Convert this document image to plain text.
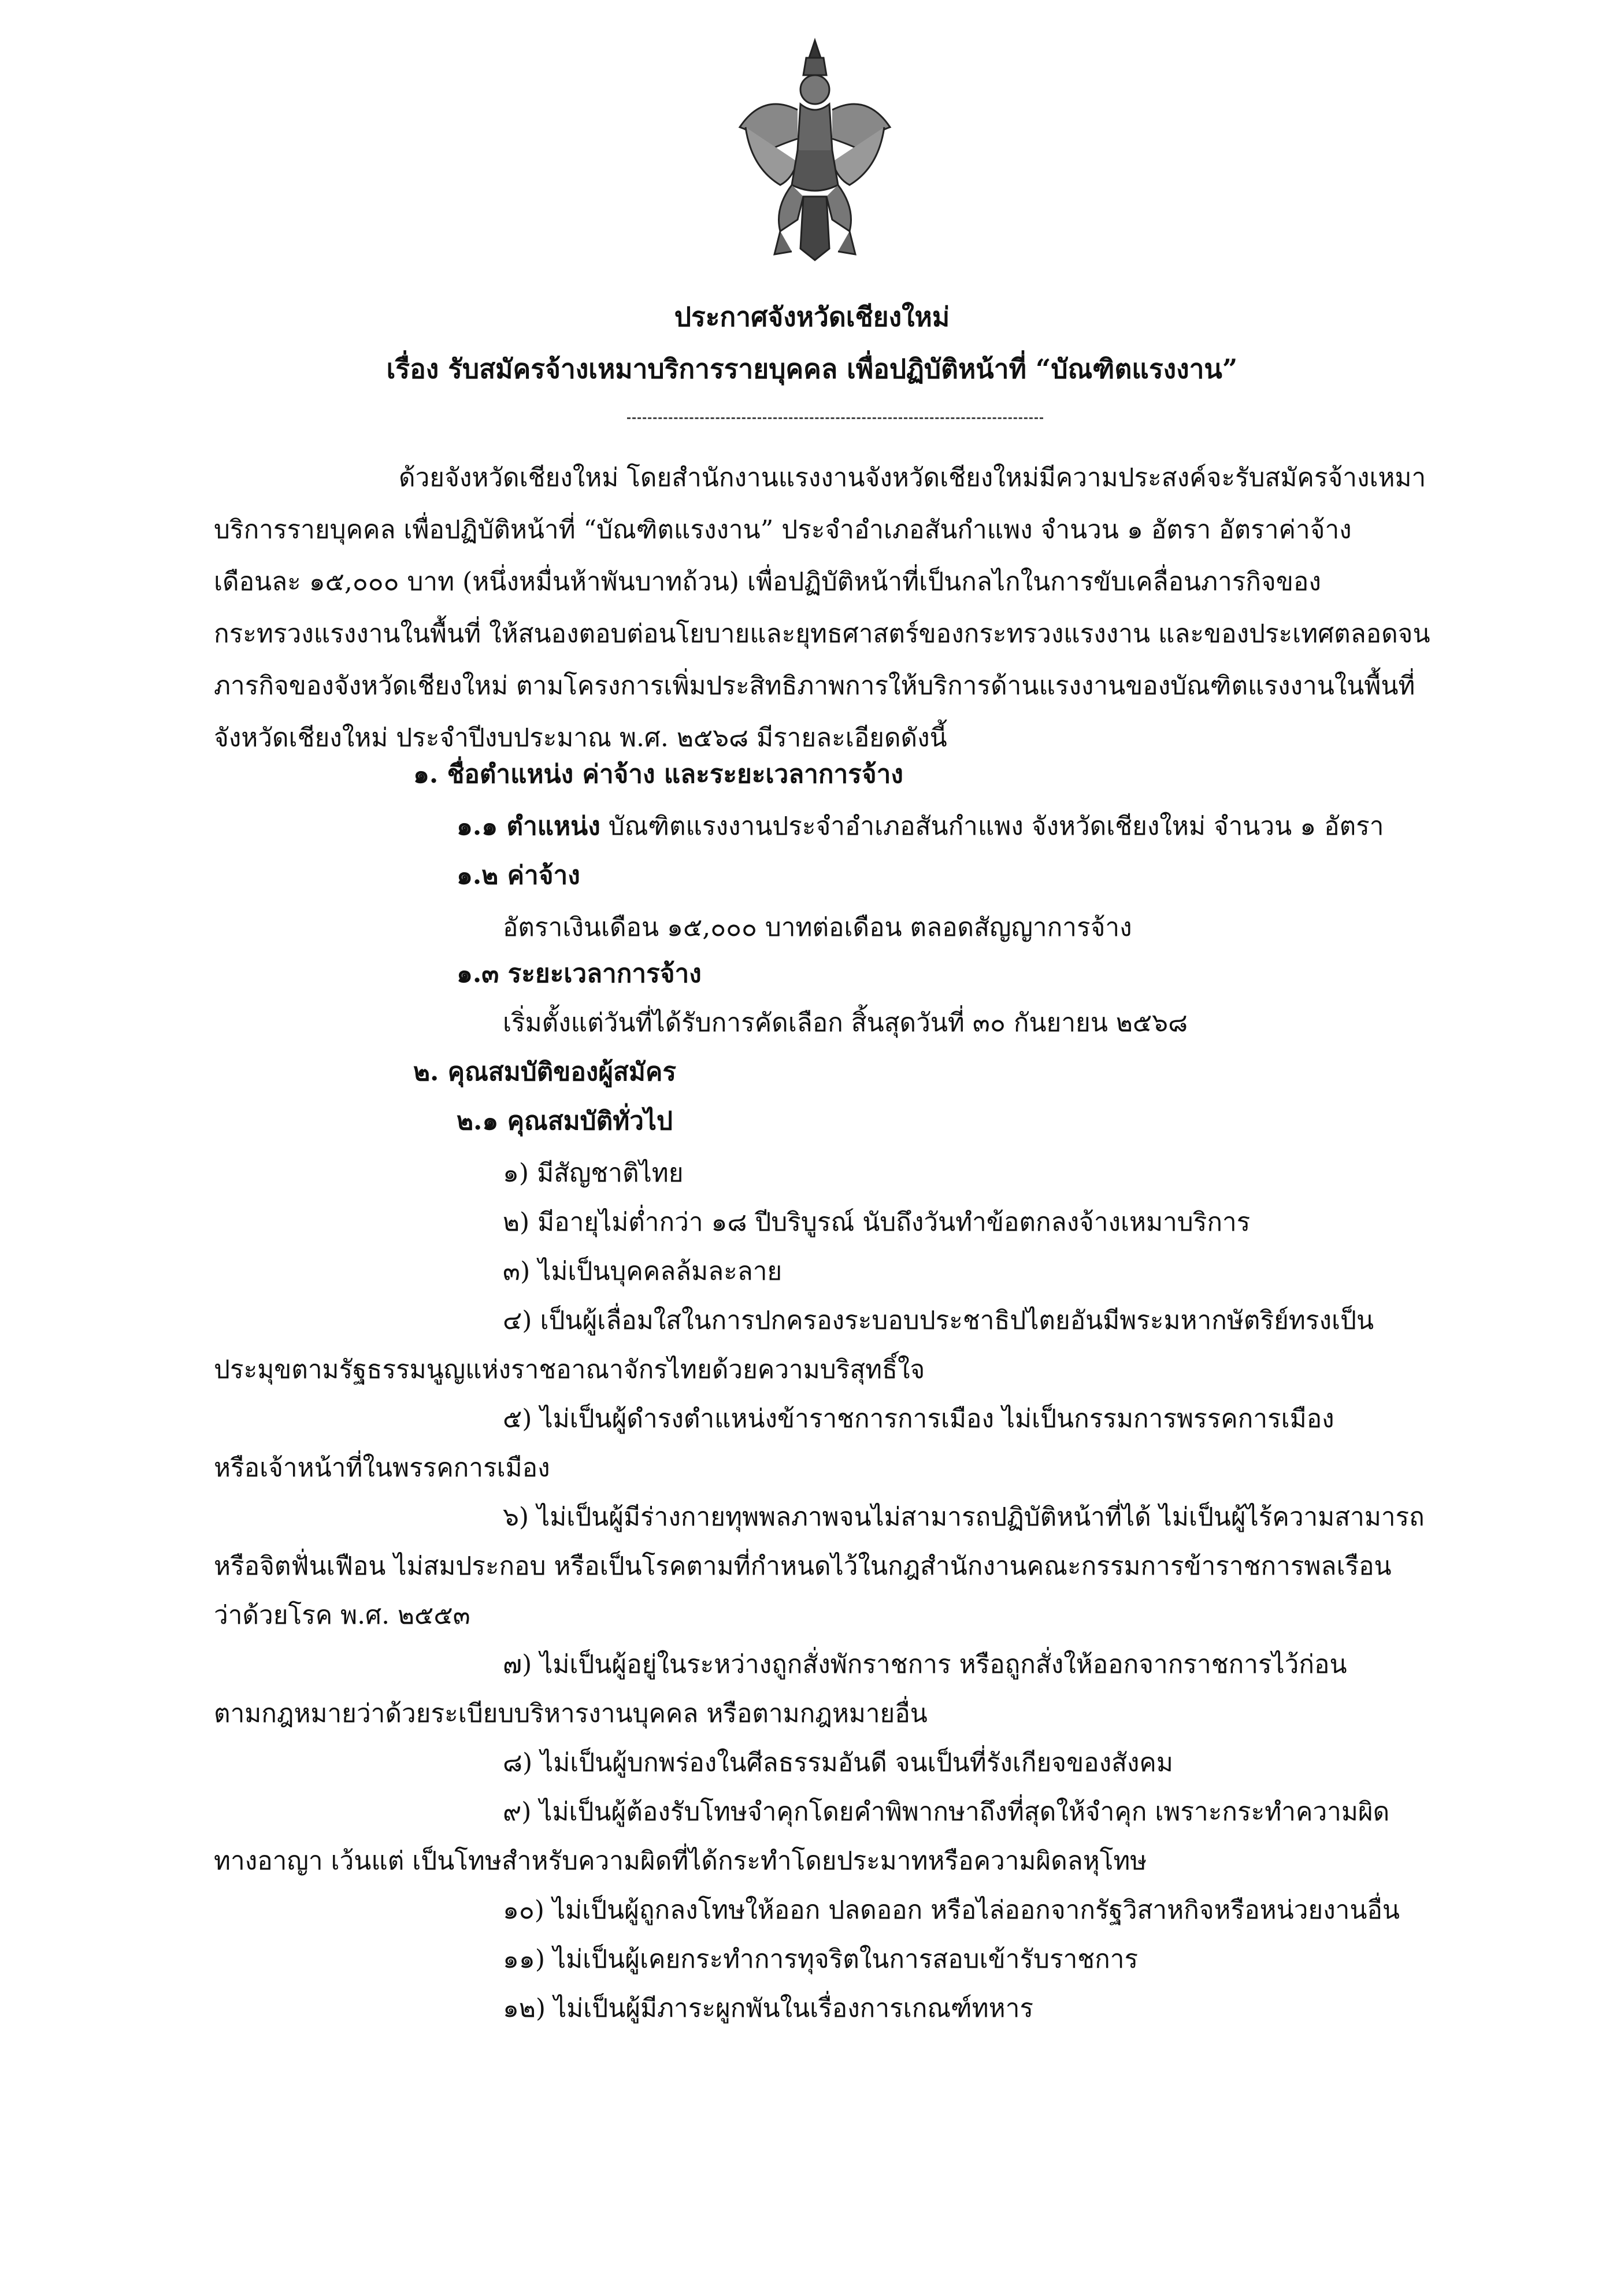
ประกาศจังหวัดเชียงใหม่
เรื่อง รับสมัครจ้างเหมาบริการรายบุคคล เพื่อปฏิบัติหน้าที่ “บัณฑิตแรงงาน”
ด้วยจังหวัดเชียงใหม่ โดยสำนักงานแรงงานจังหวัดเชียงใหม่มีความประสงค์จะรับสมัครจ้างเหมา
บริการรายบุคคล เพื่อปฏิบัติหน้าที่ “บัณฑิตแรงงาน” ประจำอำเภอสันกำแพง จำนวน ๑ อัตรา อัตราค่าจ้าง
เดือนละ ๑๕,๐๐๐ บาท (หนึ่งหมื่นห้าพันบาทถ้วน) เพื่อปฏิบัติหน้าที่เป็นกลไกในการขับเคลื่อนภารกิจของ
กระทรวงแรงงานในพื้นที่ ให้สนองตอบต่อนโยบายและยุทธศาสตร์ของกระทรวงแรงงาน และของประเทศตลอดจน
ภารกิจของจังหวัดเชียงใหม่ ตามโครงการเพิ่มประสิทธิภาพการให้บริการด้านแรงงานของบัณฑิตแรงงานในพื้นที่
จังหวัดเชียงใหม่ ประจำปีงบประมาณ พ.ศ. ๒๕๖๘ มีรายละเอียดดังนี้
๑. ชื่อตำแหน่ง ค่าจ้าง และระยะเวลาการจ้าง
๑.๑ ตำแหน่ง บัณฑิตแรงงานประจำอำเภอสันกำแพง จังหวัดเชียงใหม่ จำนวน ๑ อัตรา
๑.๒ ค่าจ้าง
อัตราเงินเดือน ๑๕,๐๐๐ บาทต่อเดือน ตลอดสัญญาการจ้าง
๑.๓ ระยะเวลาการจ้าง
เริ่มตั้งแต่วันที่ได้รับการคัดเลือก สิ้นสุดวันที่ ๓๐ กันยายน ๒๕๖๘
๒. คุณสมบัติของผู้สมัคร
๒.๑ คุณสมบัติทั่วไป
๑) มีสัญชาติไทย
๒) มีอายุไม่ต่ำกว่า ๑๘ ปีบริบูรณ์ นับถึงวันทำข้อตกลงจ้างเหมาบริการ
๓) ไม่เป็นบุคคลล้มละลาย
๔) เป็นผู้เลื่อมใสในการปกครองระบอบประชาธิปไตยอันมีพระมหากษัตริย์ทรงเป็น
ประมุขตามรัฐธรรมนูญแห่งราชอาณาจักรไทยด้วยความบริสุทธิ์ใจ
๕) ไม่เป็นผู้ดำรงตำแหน่งข้าราชการการเมือง ไม่เป็นกรรมการพรรคการเมือง
หรือเจ้าหน้าที่ในพรรคการเมือง
๖) ไม่เป็นผู้มีร่างกายทุพพลภาพจนไม่สามารถปฏิบัติหน้าที่ได้ ไม่เป็นผู้ไร้ความสามารถ
หรือจิตฟั่นเฟือน ไม่สมประกอบ หรือเป็นโรคตามที่กำหนดไว้ในกฎสำนักงานคณะกรรมการข้าราชการพลเรือน
ว่าด้วยโรค พ.ศ. ๒๕๕๓
๗) ไม่เป็นผู้อยู่ในระหว่างถูกสั่งพักราชการ หรือถูกสั่งให้ออกจากราชการไว้ก่อน
ตามกฎหมายว่าด้วยระเบียบบริหารงานบุคคล หรือตามกฎหมายอื่น
๘) ไม่เป็นผู้บกพร่องในศีลธรรมอันดี จนเป็นที่รังเกียจของสังคม
๙) ไม่เป็นผู้ต้องรับโทษจำคุกโดยคำพิพากษาถึงที่สุดให้จำคุก เพราะกระทำความผิด
ทางอาญา เว้นแต่ เป็นโทษสำหรับความผิดที่ได้กระทำโดยประมาทหรือความผิดลหุโทษ
๑๐) ไม่เป็นผู้ถูกลงโทษให้ออก ปลดออก หรือไล่ออกจากรัฐวิสาหกิจหรือหน่วยงานอื่น
๑๑) ไม่เป็นผู้เคยกระทำการทุจริตในการสอบเข้ารับราชการ
๑๒) ไม่เป็นผู้มีภาระผูกพันในเรื่องการเกณฑ์ทหาร
